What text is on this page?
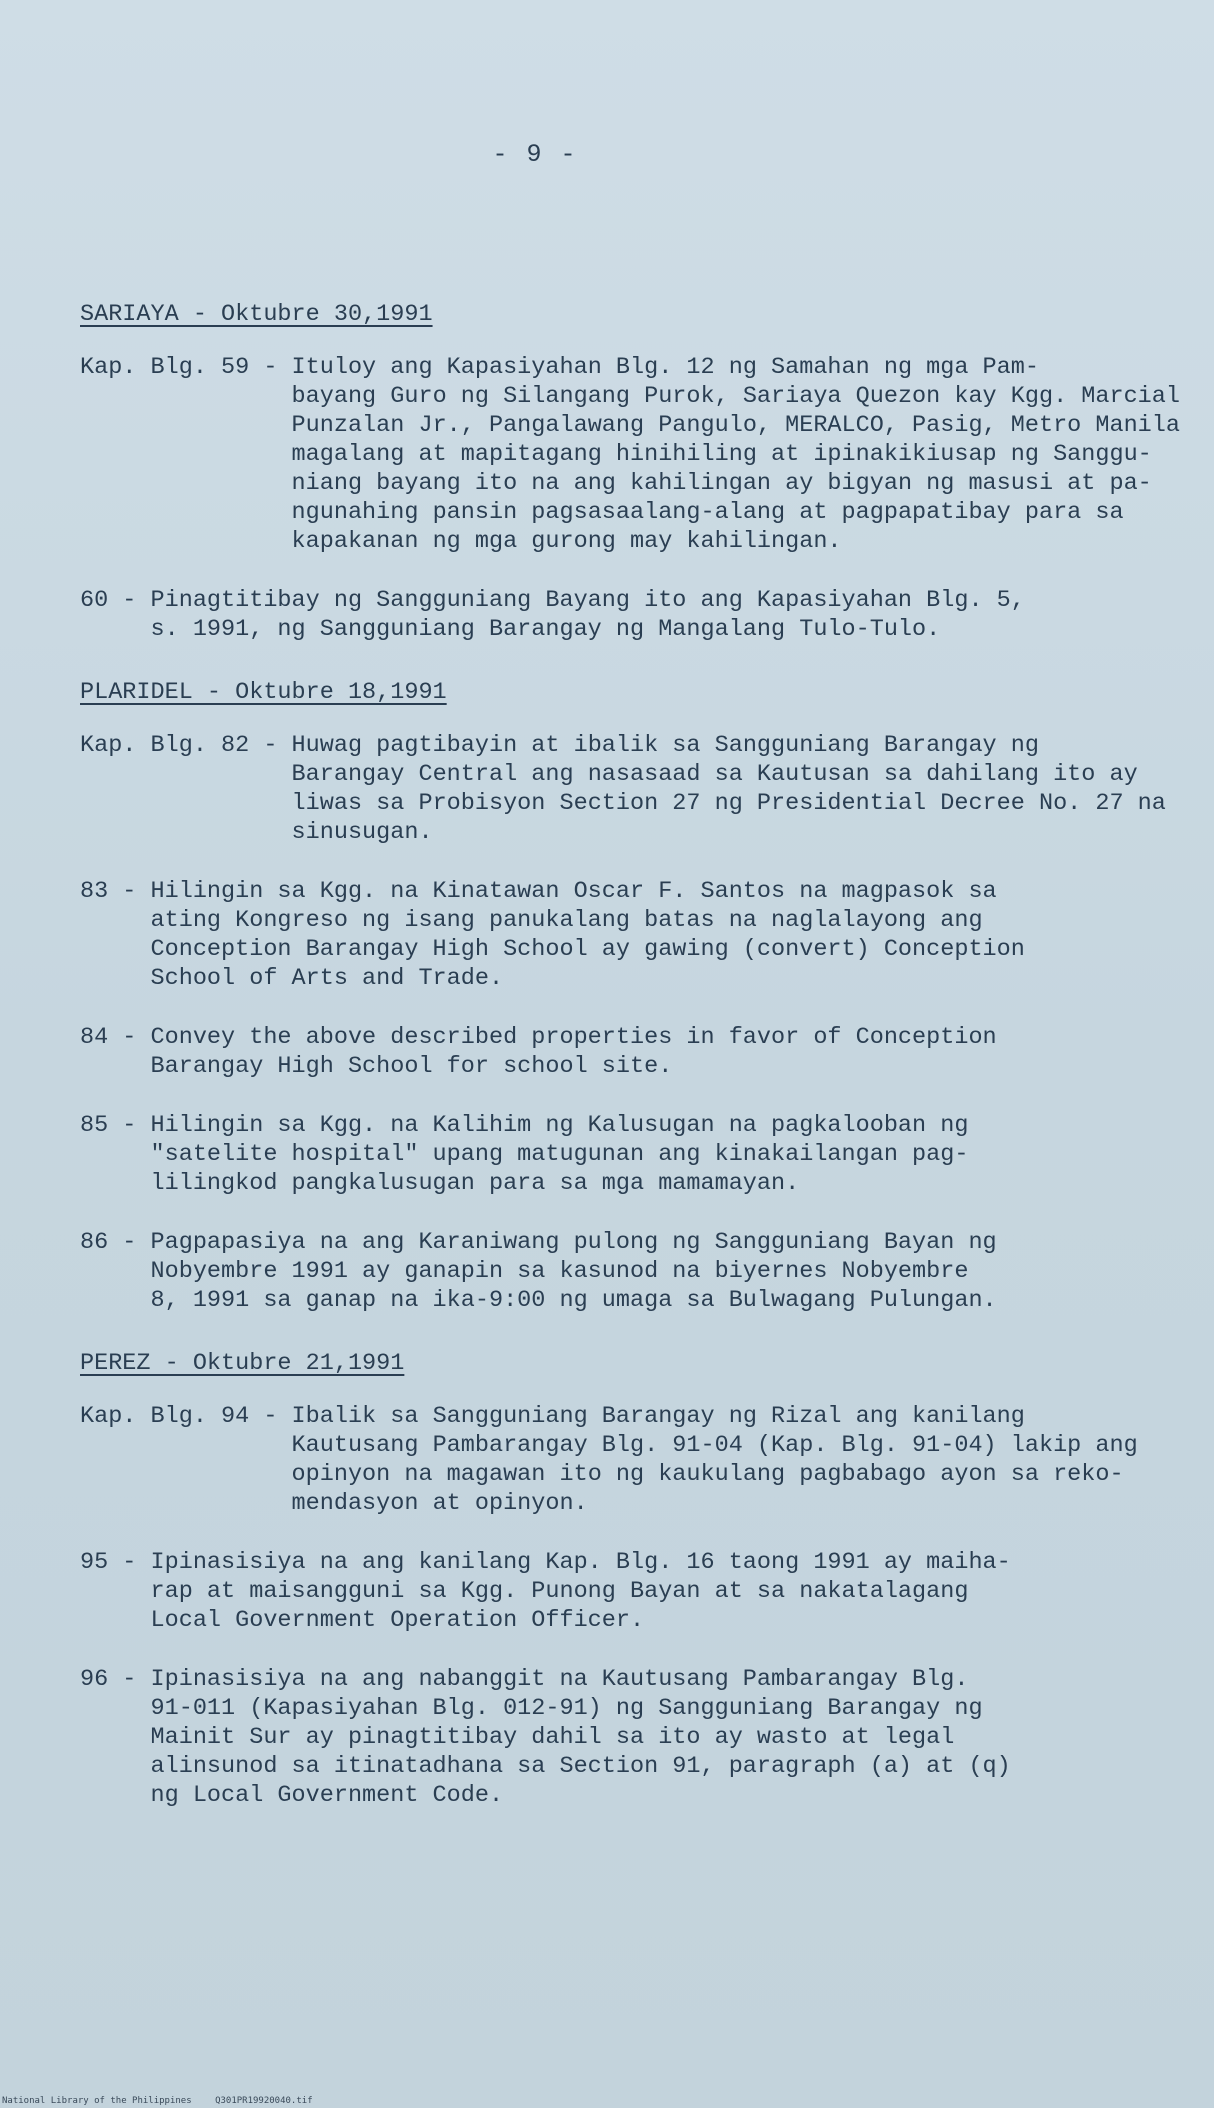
- 9 -
SARIAYA - Oktubre 30,1991
Kap. Blg. 59 - Ituloy ang Kapasiyahan Blg. 12 ng Samahan ng mga Pam-
bayang Guro ng Silangang Purok, Sariaya Quezon kay Kgg. Marcial
Punzalan Jr., Pangalawang Pangulo, MERALCO, Pasig, Metro Manila
magalang at mapitagang hinihiling at ipinakikiusap ng Sanggu-
niang bayang ito na ang kahilingan ay bigyan ng masusi at pa-
ngunahing pansin pagsasaalang-alang at pagpapatibay para sa
kapakanan ng mga gurong may kahilingan.
60 - Pinagtitibay ng Sangguniang Bayang ito ang Kapasiyahan Blg. 5,
s. 1991, ng Sangguniang Barangay ng Mangalang Tulo-Tulo.
PLARIDEL - Oktubre 18,1991
Kap. Blg. 82 - Huwag pagtibayin at ibalik sa Sangguniang Barangay ng
Barangay Central ang nasasaad sa Kautusan sa dahilang ito ay
liwas sa Probisyon Section 27 ng Presidential Decree No. 27 na
sinusugan.
83 - Hilingin sa Kgg. na Kinatawan Oscar F. Santos na magpasok sa
ating Kongreso ng isang panukalang batas na naglalayong ang
Conception Barangay High School ay gawing (convert) Conception
School of Arts and Trade.
84 - Convey the above described properties in favor of Conception
Barangay High School for school site.
85 - Hilingin sa Kgg. na Kalihim ng Kalusugan na pagkalooban ng
"satelite hospital" upang matugunan ang kinakailangan pag-
lilingkod pangkalusugan para sa mga mamamayan.
86 - Pagpapasiya na ang Karaniwang pulong ng Sangguniang Bayan ng
Nobyembre 1991 ay ganapin sa kasunod na biyernes Nobyembre
8, 1991 sa ganap na ika-9:00 ng umaga sa Bulwagang Pulungan.
PEREZ - Oktubre 21,1991
Kap. Blg. 94 - Ibalik sa Sangguniang Barangay ng Rizal ang kanilang
Kautusang Pambarangay Blg. 91-04 (Kap. Blg. 91-04) lakip ang
opinyon na magawan ito ng kaukulang pagbabago ayon sa reko-
mendasyon at opinyon.
95 - Ipinasisiya na ang kanilang Kap. Blg. 16 taong 1991 ay maiha-
rap at maisangguni sa Kgg. Punong Bayan at sa nakatalagang
Local Government Operation Officer.
96 - Ipinasisiya na ang nabanggit na Kautusang Pambarangay Blg.
91-011 (Kapasiyahan Blg. 012-91) ng Sangguniang Barangay ng
Mainit Sur ay pinagtitibay dahil sa ito ay wasto at legal
alinsunod sa itinatadhana sa Section 91, paragraph (a) at (q)
ng Local Government Code.
National Library of the Philippines	Q301PR19920040.tif
